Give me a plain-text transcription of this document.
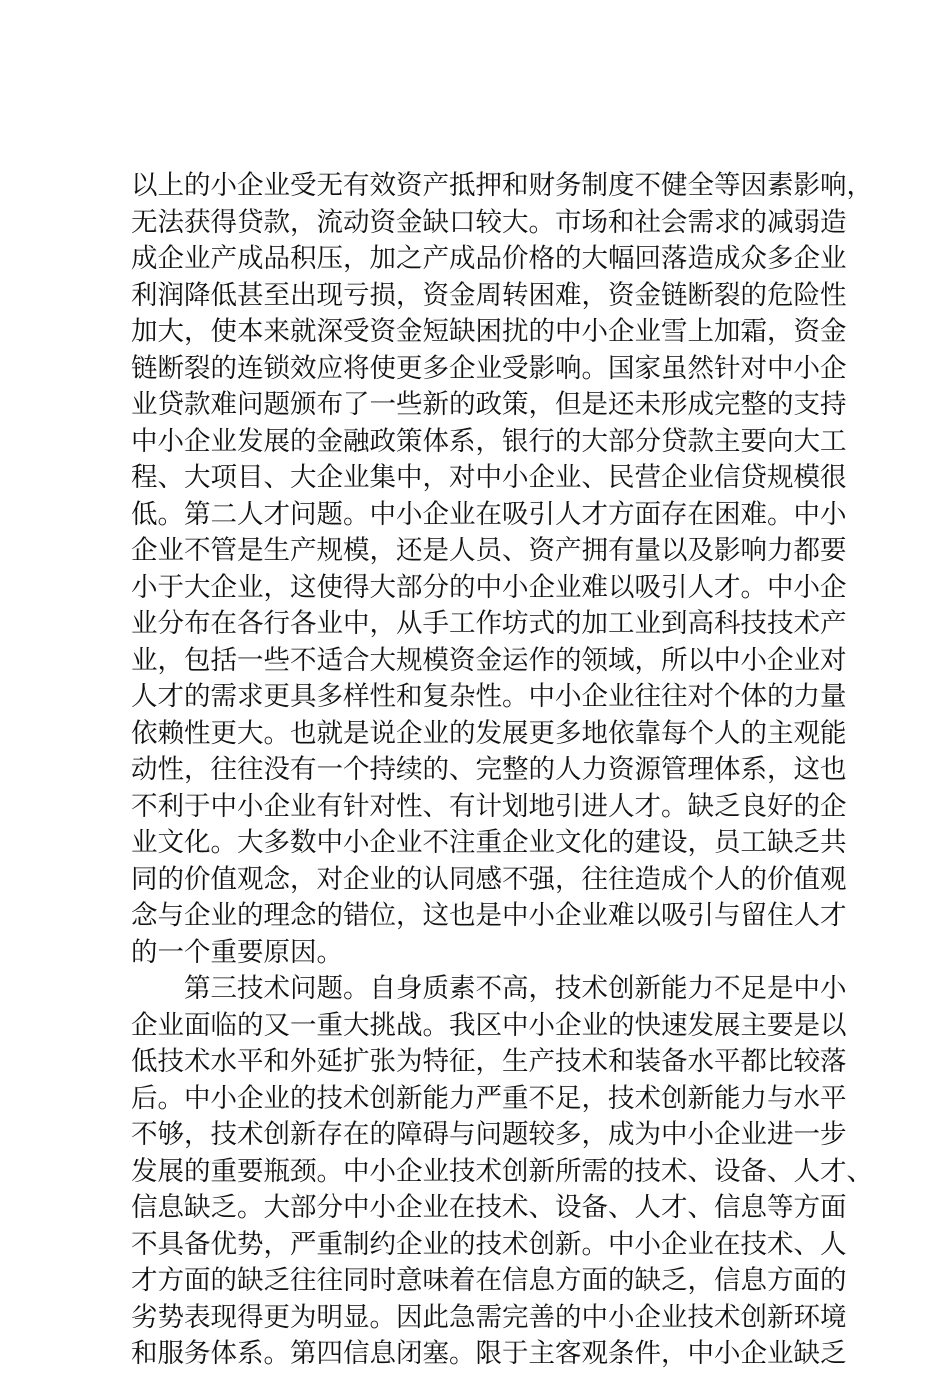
以上的小企业受无有效资产抵押和财务制度不健全等因素影响，
无法获得贷款，流动资金缺口较大。市场和社会需求的减弱造
成企业产成品积压，加之产成品价格的大幅回落造成众多企业
利润降低甚至出现亏损，资金周转困难，资金链断裂的危险性
加大，使本来就深受资金短缺困扰的中小企业雪上加霜，资金
链断裂的连锁效应将使更多企业受影响。国家虽然针对中小企
业贷款难问题颁布了一些新的政策，但是还未形成完整的支持
中小企业发展的金融政策体系，银行的大部分贷款主要向大工
程、大项目、大企业集中，对中小企业、民营企业信贷规模很
低。第二人才问题。中小企业在吸引人才方面存在困难。中小
企业不管是生产规模，还是人员、资产拥有量以及影响力都要
小于大企业，这使得大部分的中小企业难以吸引人才。中小企
业分布在各行各业中，从手工作坊式的加工业到高科技技术产
业，包括一些不适合大规模资金运作的领域，所以中小企业对
人才的需求更具多样性和复杂性。中小企业往往对个体的力量
依赖性更大。也就是说企业的发展更多地依靠每个人的主观能
动性，往往没有一个持续的、完整的人力资源管理体系，这也
不利于中小企业有针对性、有计划地引进人才。缺乏良好的企
业文化。大多数中小企业不注重企业文化的建设，员工缺乏共
同的价值观念，对企业的认同感不强，往往造成个人的价值观
念与企业的理念的错位，这也是中小企业难以吸引与留住人才
的一个重要原因。
第三技术问题。自身质素不高，技术创新能力不足是中小
企业面临的又一重大挑战。我区中小企业的快速发展主要是以
低技术水平和外延扩张为特征，生产技术和装备水平都比较落
后。中小企业的技术创新能力严重不足，技术创新能力与水平
不够，技术创新存在的障碍与问题较多，成为中小企业进一步
发展的重要瓶颈。中小企业技术创新所需的技术、设备、人才、
信息缺乏。大部分中小企业在技术、设备、人才、信息等方面
不具备优势，严重制约企业的技术创新。中小企业在技术、人
才方面的缺乏往往同时意味着在信息方面的缺乏，信息方面的
劣势表现得更为明显。因此急需完善的中小企业技术创新环境
和服务体系。第四信息闭塞。限于主客观条件，中小企业缺乏
